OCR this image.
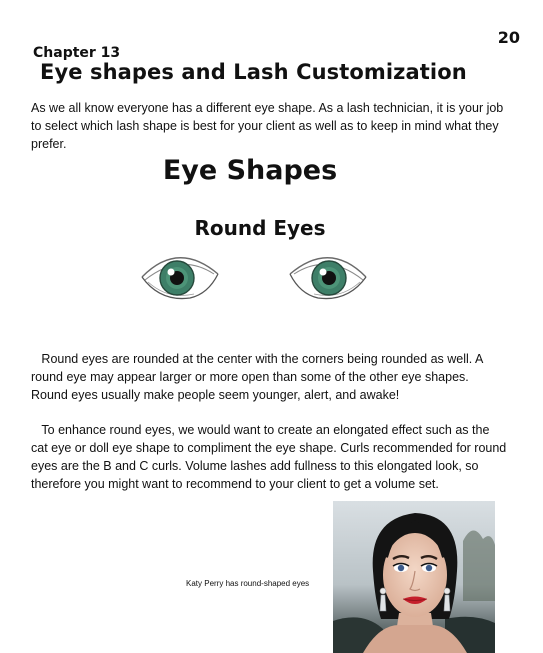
20
Chapter 13
Eye shapes and Lash Customization

As we all know everyone has a different eye shape. As a lash technician, it is your job to select which lash shape is best for your client as well as to keep in mind what they prefer.

Eye Shapes
Round Eyes

Round eyes are rounded at the center with the corners being rounded as well. A round eye may appear larger or more open than some of the other eye shapes. Round eyes usually make people seem younger, alert, and awake!

To enhance round eyes, we would want to create an elongated effect such as the cat eye or doll eye shape to compliment the eye shape. Curls recommended for round eyes are the B and C curls. Volume lashes add fullness to this elongated look, so therefore you might want to recommend to your client to get a volume set.

Katy Perry has round-shaped eyes
